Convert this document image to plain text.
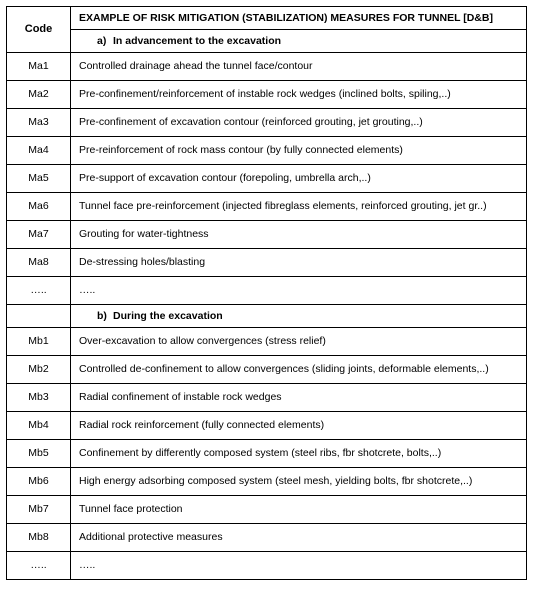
Code	EXAMPLE OF RISK MITIGATION (STABILIZATION) MEASURES FOR TUNNEL [D&B]
	a) In advancement to the excavation
Ma1	Controlled drainage ahead the tunnel face/contour
Ma2	Pre-confinement/reinforcement of instable rock wedges (inclined bolts, spiling,..)
Ma3	Pre-confinement of excavation contour (reinforced grouting, jet grouting,..)
Ma4	Pre-reinforcement of rock mass contour (by fully connected elements)
Ma5	Pre-support of excavation contour (forepoling, umbrella arch,..)
Ma6	Tunnel face pre-reinforcement (injected fibreglass elements, reinforced grouting, jet gr..)
Ma7	Grouting for water-tightness
Ma8	De-stressing holes/blasting
…..	…..
	b) During the excavation
Mb1	Over-excavation to allow convergences (stress relief)
Mb2	Controlled de-confinement to allow convergences (sliding joints, deformable elements,..)
Mb3	Radial confinement of instable rock wedges
Mb4	Radial rock reinforcement (fully connected elements)
Mb5	Confinement by differently composed system (steel ribs, fbr shotcrete, bolts,..)
Mb6	High energy adsorbing composed system (steel mesh, yielding bolts, fbr shotcrete,..)
Mb7	Tunnel face protection
Mb8	Additional protective measures
…..	…..
